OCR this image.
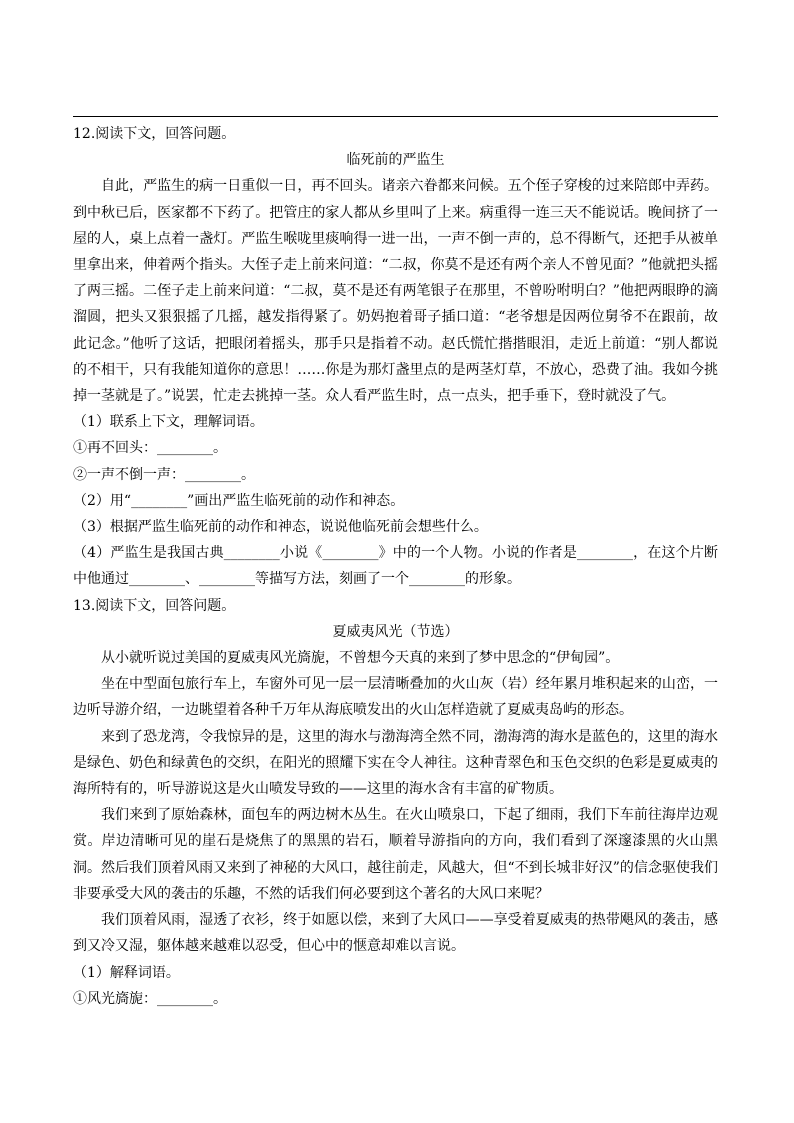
12.阅读下文，回答问题。

临死前的严监生

自此，严监生的病一日重似一日，再不回头。诸亲六眷都来问候。五个侄子穿梭的过来陪郎中弄药。到中秋已后，医家都不下药了。把管庄的家人都从乡里叫了上来。病重得一连三天不能说话。晚间挤了一屋的人，桌上点着一盏灯。严监生喉咙里痰响得一进一出，一声不倒一声的，总不得断气，还把手从被单里拿出来，伸着两个指头。大侄子走上前来问道：“二叔，你莫不是还有两个亲人不曾见面？”他就把头摇了两三摇。二侄子走上前来问道：“二叔，莫不是还有两笔银子在那里，不曾吩咐明白？”他把两眼睁的滴溜圆，把头又狠狠摇了几摇，越发指得紧了。奶妈抱着哥子插口道：“老爷想是因两位舅爷不在跟前，故此记念。”他听了这话，把眼闭着摇头，那手只是指着不动。赵氏慌忙揩揩眼泪，走近上前道：“别人都说的不相干，只有我能知道你的意思！……你是为那灯盏里点的是两茎灯草，不放心，恐费了油。我如今挑掉一茎就是了。”说罢，忙走去挑掉一茎。众人看严监生时，点一点头，把手垂下，登时就没了气。

（1）联系上下文，理解词语。

①再不回头：________。

②一声不倒一声：________。

（2）用“________”画出严监生临死前的动作和神态。

（3）根据严监生临死前的动作和神态，说说他临死前会想些什么。

（4）严监生是我国古典________小说《________》中的一个人物。小说的作者是________，在这个片断中他通过________、________等描写方法，刻画了一个________的形象。

13.阅读下文，回答问题。

夏威夷风光（节选）

从小就听说过美国的夏威夷风光旖旎，不曾想今天真的来到了梦中思念的“伊甸园”。

坐在中型面包旅行车上，车窗外可见一层一层清晰叠加的火山灰（岩）经年累月堆积起来的山峦，一边听导游介绍，一边眺望着各种千万年从海底喷发出的火山怎样造就了夏威夷岛屿的形态。

来到了恐龙湾，令我惊异的是，这里的海水与渤海湾全然不同，渤海湾的海水是蓝色的，这里的海水是绿色、奶色和绿黄色的交织，在阳光的照耀下实在令人神往。这种青翠色和玉色交织的色彩是夏威夷的海所特有的，听导游说这是火山喷发导致的——这里的海水含有丰富的矿物质。

我们来到了原始森林，面包车的两边树木丛生。在火山喷泉口，下起了细雨，我们下车前往海岸边观赏。岸边清晰可见的崖石是烧焦了的黑黑的岩石，顺着导游指向的方向，我们看到了深邃漆黑的火山黑洞。然后我们顶着风雨又来到了神秘的大风口，越往前走，风越大，但“不到长城非好汉”的信念驱使我们非要承受大风的袭击的乐趣，不然的话我们何必要到这个著名的大风口来呢？

我们顶着风雨，湿透了衣衫，终于如愿以偿，来到了大风口——享受着夏威夷的热带飓风的袭击，感到又冷又湿，躯体越来越难以忍受，但心中的惬意却难以言说。

（1）解释词语。

①风光旖旎：________。
